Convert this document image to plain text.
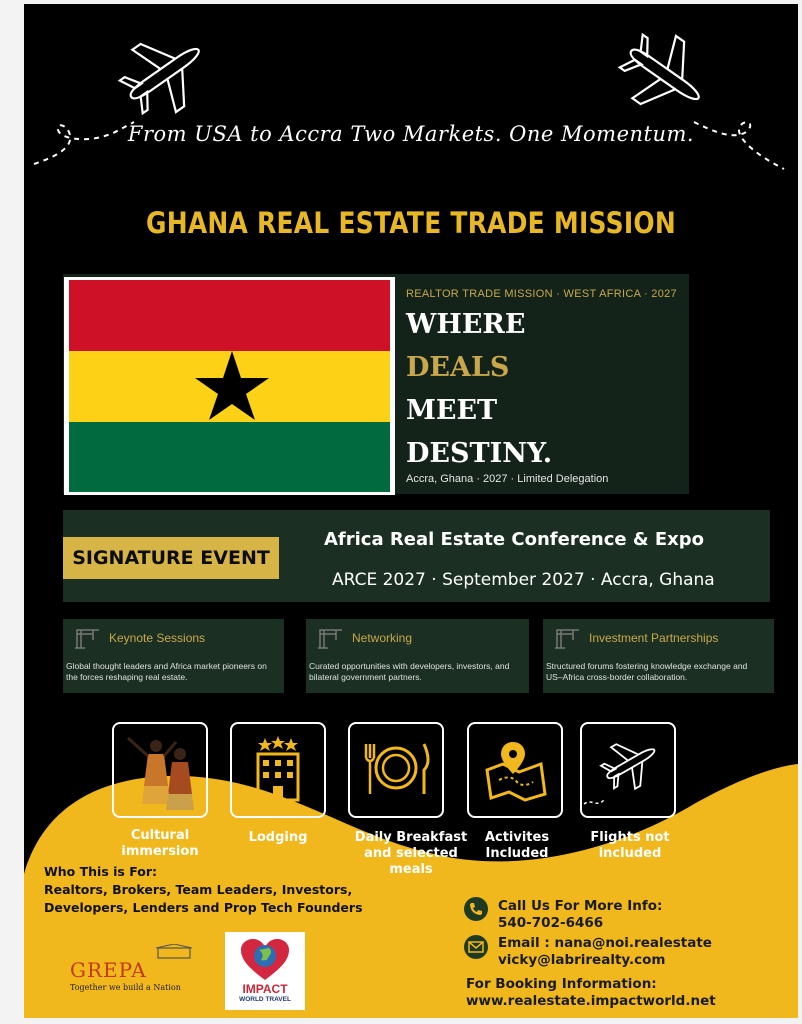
From USA to Accra Two Markets. One Momentum.
GHANA REAL ESTATE TRADE MISSION
REALTOR TRADE MISSION · WEST AFRICA · 2027
WHERE
DEALS
MEET
DESTINY.
Accra, Ghana · 2027 · Limited Delegation
SIGNATURE EVENT
Africa Real Estate Conference & Expo
ARCE 2027 · September 2027 · Accra, Ghana
Keynote Sessions
Global thought leaders and Africa market pioneers on the forces reshaping real estate.
Networking
Curated opportunities with developers, investors, and bilateral government partners.
Investment Partnerships
Structured forums fostering knowledge exchange and US–Africa cross-border collaboration.
Cultural immersion
Lodging	Daily Breakfast and selected meals
Activites Included
Flights not included
Who This is For:
Realtors, Brokers, Team Leaders, Investors,
Developers, Lenders and Prop Tech Founders	Call Us For More Info:
540-702-6466
Email : nana@noi.realestate
vicky@labrirealty.com
For Booking Information:
www.realestate.impactworld.net
GREPA
Together we build a Nation	IMPACT
WORLD TRAVEL
